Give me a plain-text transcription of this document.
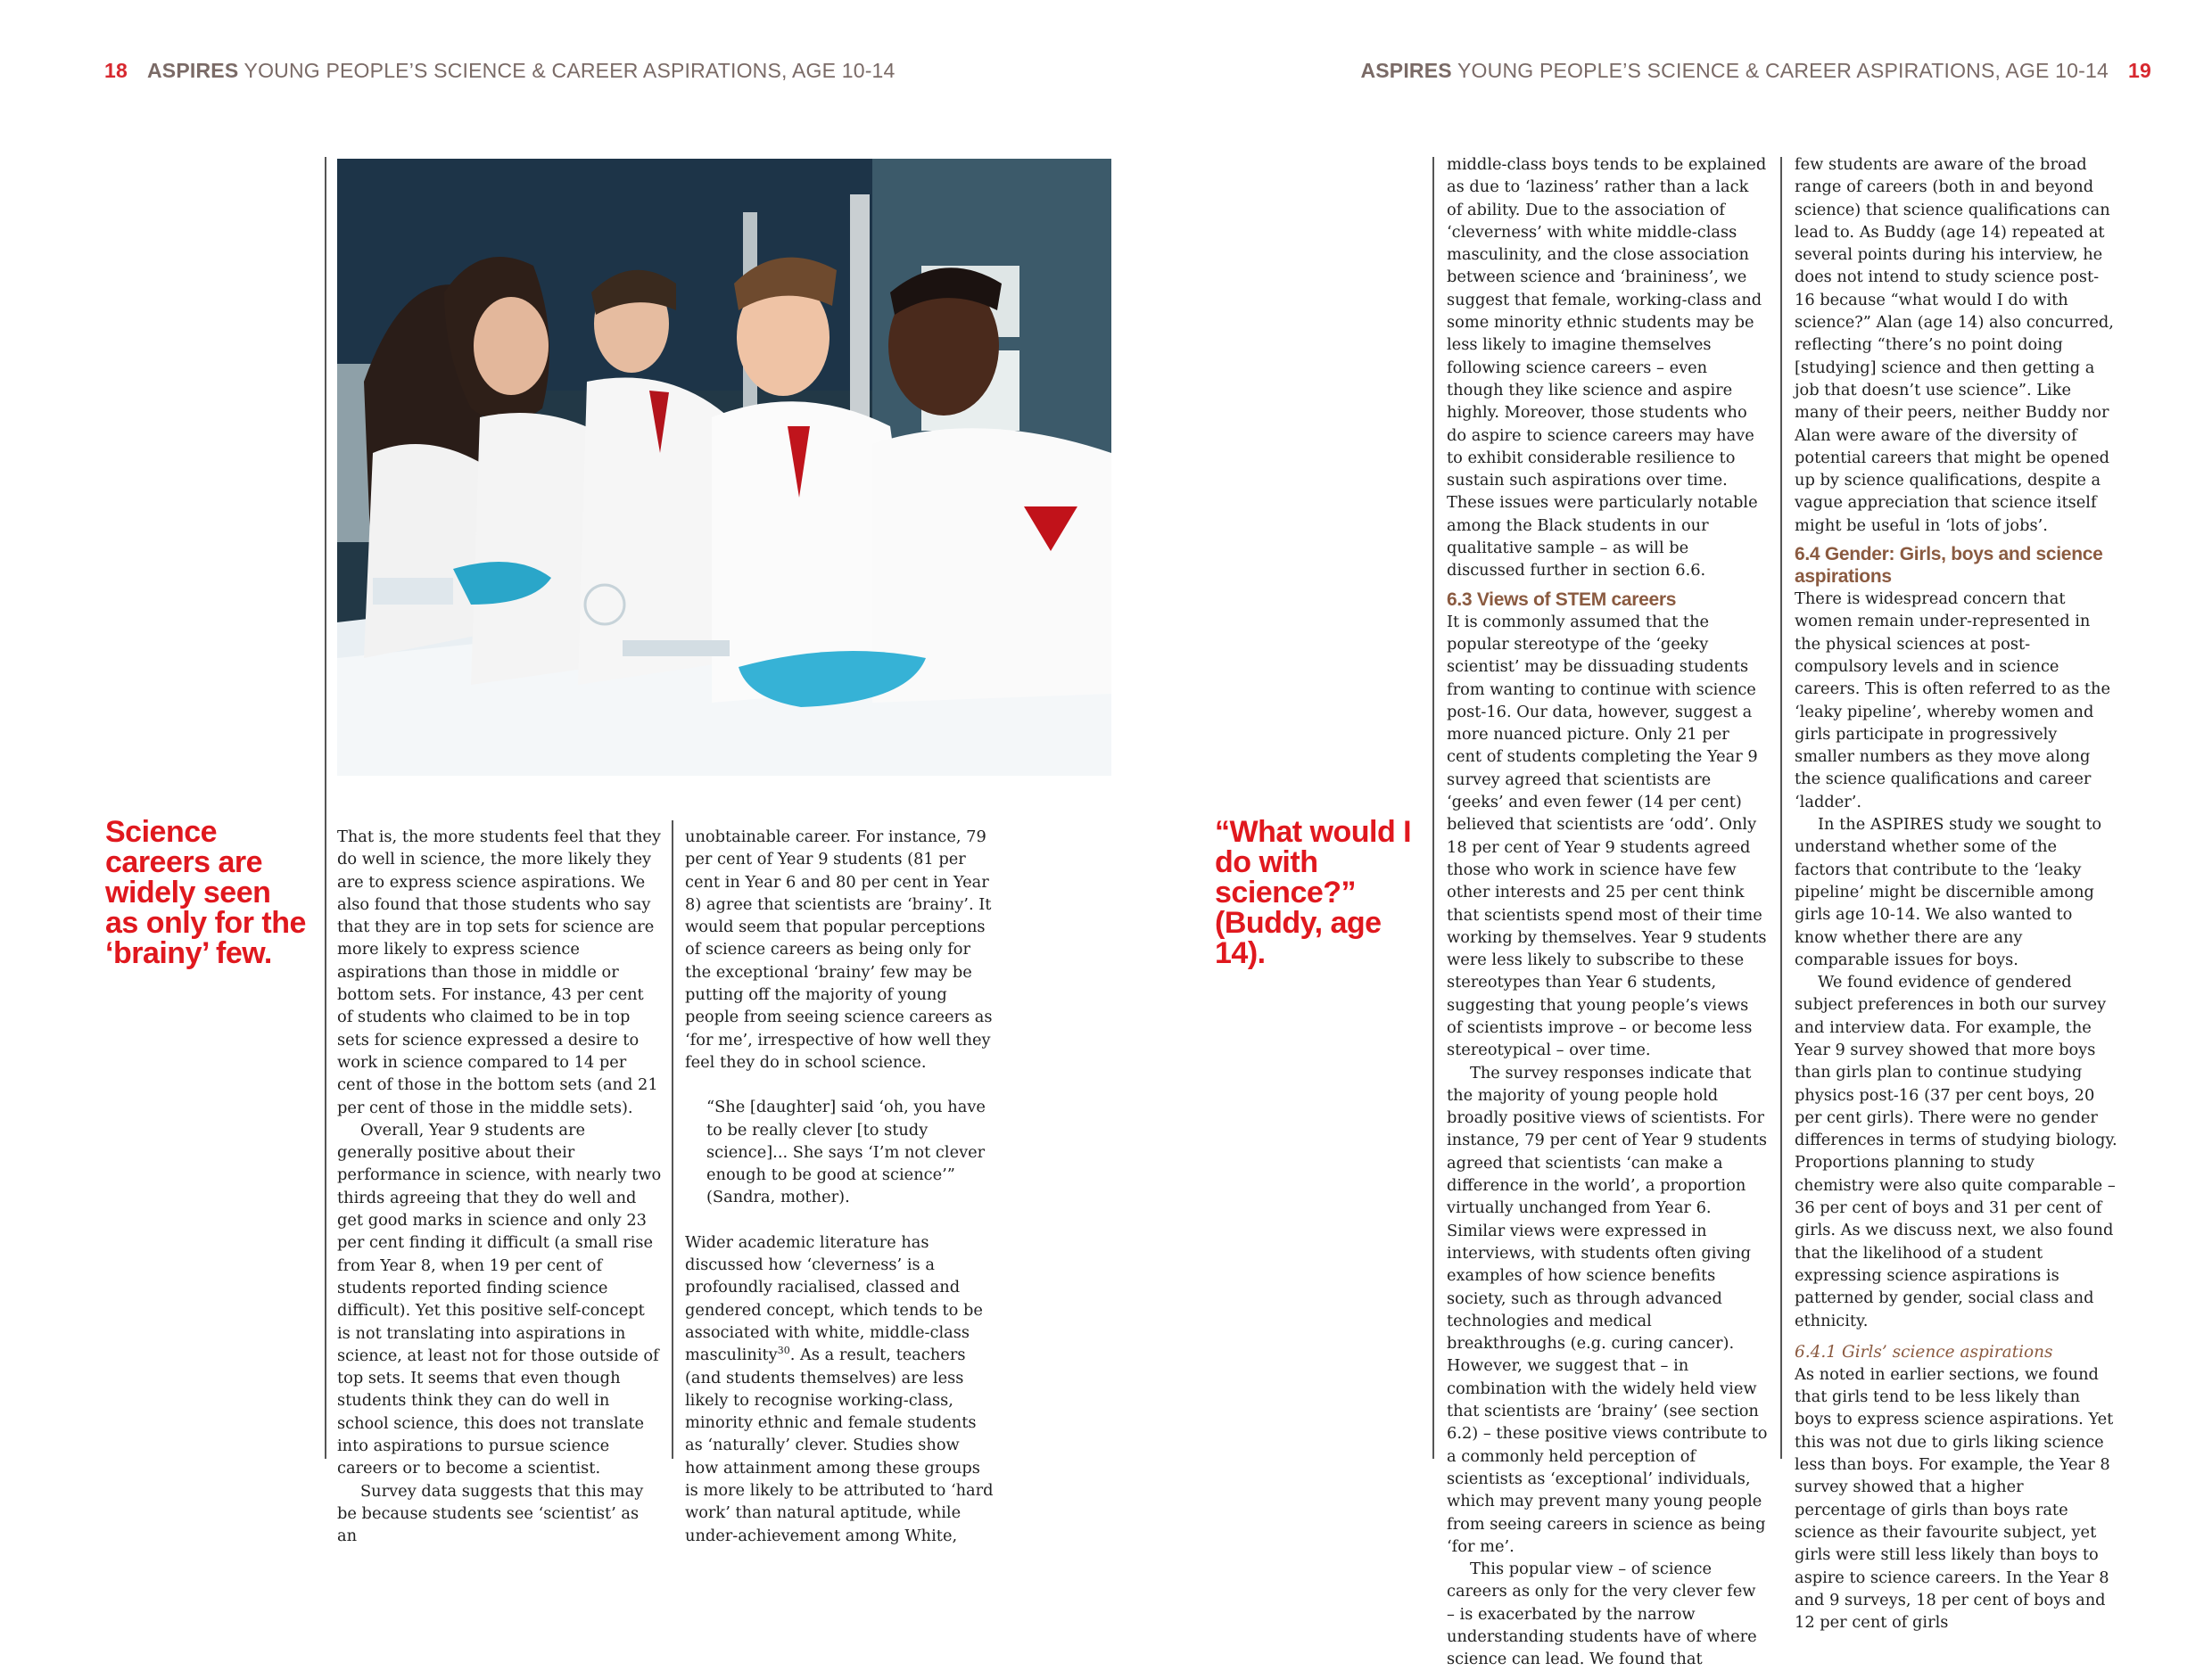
18 ASPIRES YOUNG PEOPLE’S SCIENCE & CAREER ASPIRATIONS, AGE 10-14	ASPIRES YOUNG PEOPLE’S SCIENCE & CAREER ASPIRATIONS, AGE 10-14 19

Science careers are widely seen as only for the ‘brainy’ few.

“What would I do with science?” (Buddy, age 14).

That is, the more students feel that they do well in science, the more likely they are to express science aspirations. We also found that those students who say that they are in top sets for science are more likely to express science aspirations than those in middle or bottom sets. For instance, 43 per cent of students who claimed to be in top sets for science expressed a desire to work in science compared to 14 per cent of those in the bottom sets (and 21 per cent of those in the middle sets).

Overall, Year 9 students are generally positive about their performance in science, with nearly two thirds agreeing that they do well and get good marks in science and only 23 per cent finding it difficult (a small rise from Year 8, when 19 per cent of students reported finding science difficult). Yet this positive self-concept is not translating into aspirations in science, at least not for those outside of top sets. It seems that even though students think they can do well in school science, this does not translate into aspirations to pursue science careers or to become a scientist.

Survey data suggests that this may be because students see ‘scientist’ as an

unobtainable career. For instance, 79 per cent of Year 9 students (81 per cent in Year 6 and 80 per cent in Year 8) agree that scientists are ‘brainy’. It would seem that popular perceptions of science careers as being only for the exceptional ‘brainy’ few may be putting off the majority of young people from seeing science careers as ‘for me’, irrespective of how well they feel they do in school science.

“She [daughter] said ‘oh, you have to be really clever [to study science]... She says ‘I’m not clever enough to be good at science’” (Sandra, mother).

Wider academic literature has discussed how ‘cleverness’ is a profoundly racialised, classed and gendered concept, which tends to be associated with white, middle-class masculinity$^{30}$. As a result, teachers (and students themselves) are less likely to recognise working-class, minority ethnic and female students as ‘naturally’ clever. Studies show how attainment among these groups is more likely to be attributed to ‘hard work’ than natural aptitude, while under-achievement among White,

middle-class boys tends to be explained as due to ‘laziness’ rather than a lack of ability. Due to the association of ‘cleverness’ with white middle-class masculinity, and the close association between science and ‘braininess’, we suggest that female, working-class and some minority ethnic students may be less likely to imagine themselves following science careers – even though they like science and aspire highly. Moreover, those students who do aspire to science careers may have to exhibit considerable resilience to sustain such aspirations over time. These issues were particularly notable among the Black students in our qualitative sample – as will be discussed further in section 6.6.

6.3 Views of STEM careers

It is commonly assumed that the popular stereotype of the ‘geeky scientist’ may be dissuading students from wanting to continue with science post-16. Our data, however, suggest a more nuanced picture. Only 21 per cent of students completing the Year 9 survey agreed that scientists are ‘geeks’ and even fewer (14 per cent) believed that scientists are ‘odd’. Only 18 per cent of Year 9 students agreed those who work in science have few other interests and 25 per cent think that scientists spend most of their time working by themselves. Year 9 students were less likely to subscribe to these stereotypes than Year 6 students, suggesting that young people’s views of scientists improve – or become less stereotypical – over time.

The survey responses indicate that the majority of young people hold broadly positive views of scientists. For instance, 79 per cent of Year 9 students agreed that scientists ‘can make a difference in the world’, a proportion virtually unchanged from Year 6. Similar views were expressed in interviews, with students often giving examples of how science benefits society, such as through advanced technologies and medical breakthroughs (e.g. curing cancer). However, we suggest that – in combination with the widely held view that scientists are ‘brainy’ (see section 6.2) – these positive views contribute to a commonly held perception of scientists as ‘exceptional’ individuals, which may prevent many young people from seeing careers in science as being ‘for me’.

This popular view – of science careers as only for the very clever few – is exacerbated by the narrow understanding students have of where science can lead. We found that

few students are aware of the broad range of careers (both in and beyond science) that science qualifications can lead to. As Buddy (age 14) repeated at several points during his interview, he does not intend to study science post-16 because “what would I do with science?” Alan (age 14) also concurred, reflecting “there’s no point doing [studying] science and then getting a job that doesn’t use science”. Like many of their peers, neither Buddy nor Alan were aware of the diversity of potential careers that might be opened up by science qualifications, despite a vague appreciation that science itself might be useful in ‘lots of jobs’.

6.4 Gender: Girls, boys and science aspirations

There is widespread concern that women remain under-represented in the physical sciences at post-compulsory levels and in science careers. This is often referred to as the ‘leaky pipeline’, whereby women and girls participate in progressively smaller numbers as they move along the science qualifications and career ‘ladder’.

In the ASPIRES study we sought to understand whether some of the factors that contribute to the ‘leaky pipeline’ might be discernible among girls age 10-14. We also wanted to know whether there are any comparable issues for boys.

We found evidence of gendered subject preferences in both our survey and interview data. For example, the Year 9 survey showed that more boys than girls plan to continue studying physics post-16 (37 per cent boys, 20 per cent girls). There were no gender differences in terms of studying biology. Proportions planning to study chemistry were also quite comparable – 36 per cent of boys and 31 per cent of girls. As we discuss next, we also found that the likelihood of a student expressing science aspirations is patterned by gender, social class and ethnicity.

6.4.1 Girls’ science aspirations

As noted in earlier sections, we found that girls tend to be less likely than boys to express science aspirations. Yet this was not due to girls liking science less than boys. For example, the Year 8 survey showed that a higher percentage of girls than boys rate science as their favourite subject, yet girls were still less likely than boys to aspire to science careers. In the Year 8 and 9 surveys, 18 per cent of boys and 12 per cent of girls
